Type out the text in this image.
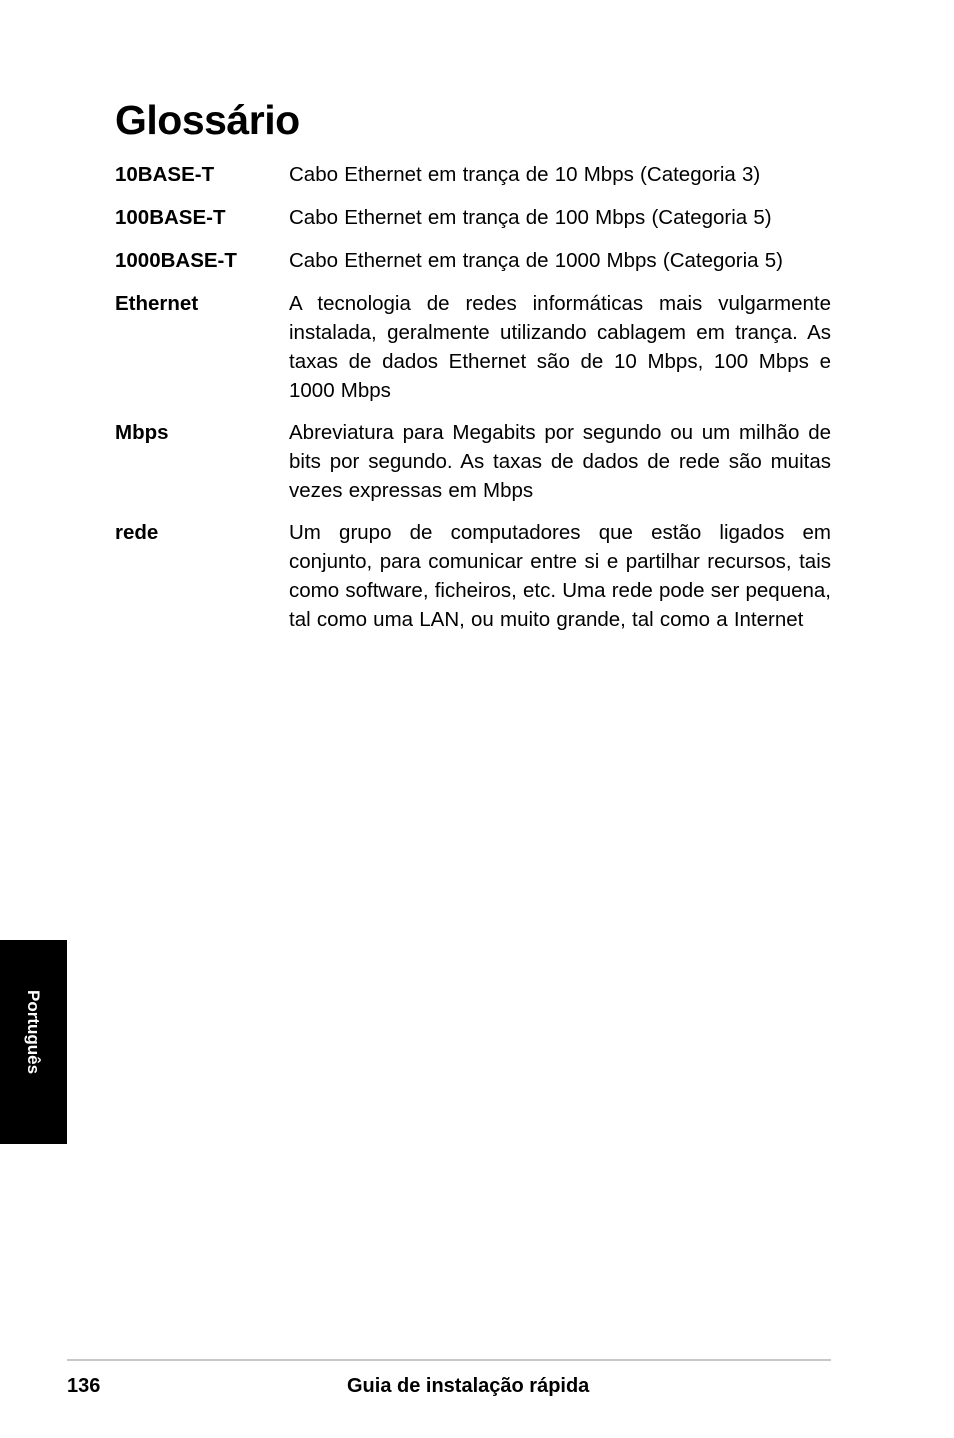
Glossário
10BASE-T	Cabo Ethernet em trança de 10 Mbps (Categoria 3)
100BASE-T	Cabo Ethernet em trança de 100 Mbps (Categoria 5)
1000BASE-T	Cabo Ethernet em trança de 1000 Mbps (Categoria 5)
Ethernet	A tecnologia de redes informáticas mais vulgarmente instalada, geralmente utilizando cablagem em trança. As taxas de dados Ethernet são de 10 Mbps, 100 Mbps e 1000 Mbps
Mbps	Abreviatura para Megabits por segundo ou um milhão de bits por segundo. As taxas de dados de rede são muitas vezes expressas em Mbps
rede	Um grupo de computadores que estão ligados em conjunto, para comunicar entre si e partilhar recursos, tais como software, ficheiros, etc. Uma rede pode ser pequena, tal como uma LAN, ou muito grande, tal como a Internet
Português
136	Guia de instalação rápida
